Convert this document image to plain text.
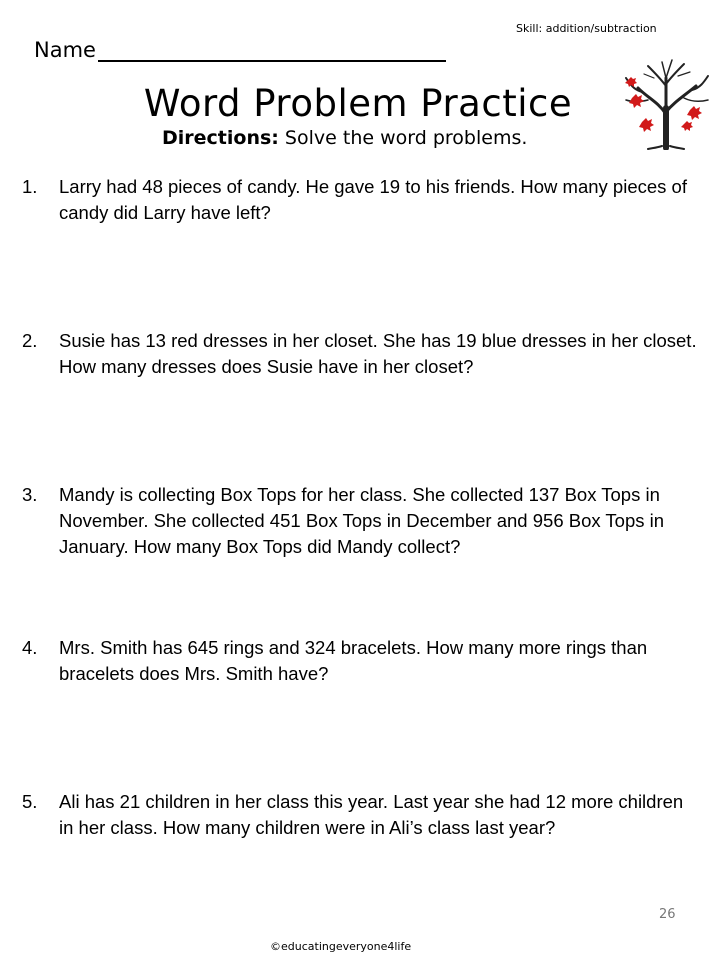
Skill: addition/subtraction
Name
Word Problem Practice
Directions: Solve the word problems.
1.	Larry had 48 pieces of candy. He gave 19 to his friends. How many pieces of candy did Larry have left?
2.	Susie has 13 red dresses in her closet. She has 19 blue dresses in her closet. How many dresses does Susie have in her closet?
3.	Mandy is collecting Box Tops for her class. She collected 137 Box Tops in November. She collected 451 Box Tops in December and 956 Box Tops in January. How many Box Tops did Mandy collect?
4.	Mrs. Smith has 645 rings and 324 bracelets. How many more rings than bracelets does Mrs. Smith have?
5.	Ali has 21 children in her class this year. Last year she had 12 more children in her class. How many children were in Ali’s class last year?
26
©educatingeveryone4life
